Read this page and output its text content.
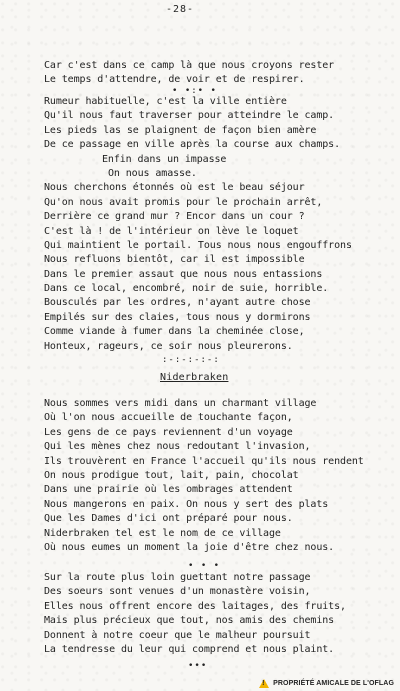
-28-
Car c'est dans ce camp là que nous croyons rester
Le temps d'attendre, de voir et de respirer.
• •:• •
Rumeur habituelle, c'est la ville entière
Qu'il nous faut traverser pour atteindre le camp.
Les pieds las se plaignent de façon bien amère
De ce passage en ville après la course aux champs.
Enfin dans un impasse
On nous amasse.
Nous cherchons étonnés où est le beau séjour
Qu'on nous avait promis pour le prochain arrêt,
Derrière ce grand mur ? Encor dans un cour ?
C'est là ! de l'intérieur on lève le loquet
Qui maintient le portail. Tous nous nous engouffrons
Nous refluons bientôt, car il est impossible
Dans le premier assaut que nous nous entassions
Dans ce local, encombré, noir de suie, horrible.
Bousculés par les ordres, n'ayant autre chose
Empilés sur des claies, tous nous y dormirons
Comme viande à fumer dans la cheminée close,
Honteux, rageurs, ce soir nous pleurerons.
:-:-:-:-:
Niderbraken
Nous sommes vers midi dans un charmant village
Où l'on nous accueille de touchante façon,
Les gens de ce pays reviennent d'un voyage
Qui les mènes chez nous redoutant l'invasion,
Ils trouvèrent en France l'accueil qu'ils nous rendent
On nous prodigue tout, lait, pain, chocolat
Dans une prairie où les ombrages attendent
Nous mangerons en paix. On nous y sert des plats
Que les Dames d'ici ont préparé pour nous.
Niderbraken tel est le nom de ce village
Où nous eumes un moment la joie d'être chez nous.
• • •
Sur la route plus loin guettant notre passage
Des soeurs sont venues d'un monastère voisin,
Elles nous offrent encore des laitages, des fruits,
Mais plus précieux que tout, nos amis des chemins
Donnent à notre coeur que le malheur poursuit
La tendresse du leur qui comprend et nous plaint.
•••
!
PROPRIÉTÉ AMICALE DE L'OFLAG
